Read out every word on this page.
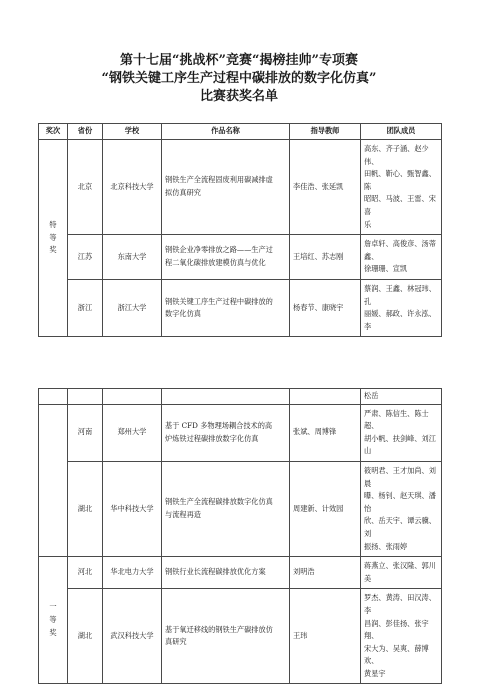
第十七届“挑战杯”竞赛“揭榜挂帅”专项赛
“钢铁关键工序生产过程中碳排放的数字化仿真”
比赛获奖名单
奖次	省份	学校	作品名称	指导教师	团队成员
特
等
奖	北京	北京科技大学	钢铁生产全流程固废利用碳减排虚
拟仿真研究	李佳浩、张延凯	高东、齐子涵、赵少伟、
田帆、靳心、甄智鑫、陈
昭昭、马波、王雷、宋喜
乐

	江苏	东南大学	钢铁企业净零排放之路——生产过
程二氧化碳排放建模仿真与优化	王培红、苏志刚	詹卓轩、高俊彦、汤蒂鑫、
徐珊珊、宣凯

	浙江	浙江大学	钢铁关键工序生产过程中碳排放的
数字化仿真	杨春节、康晓宇	蔡润、王鑫、林冠玮、孔
丽媛、郝政、许永泓、李
					松岳
	河南	郑州大学	基于 CFD 多物理场耦合技术的高
炉炼铁过程碳排放数字化仿真	张斌、周博锋	严肃、陈信生、陈士超、
胡小帆、扶剑峰、刘江山

	湖北	华中科技大学	钢铁生产全流程碳排放数字化仿真
与流程再造	周建新、计效园	筱明君、王才加尚、刘晨
曝、杨钊、赵天琪、潘怡
欣、岳天宇、谭云骥、刘
振扬、张雨婷

一
等
奖	河北	华北电力大学	钢铁行业长流程碳排放优化方案	刘明浩	蒋燕立、张汉隆、郭川美

	湖北	武汉科技大学	基于氧迁移线的钢铁生产碳排放仿
真研究	王玮	罗杰、黄涛、田汉涛、李
昌润、彭佳扬、张宇翔、
宋大为、吴爽、薛博欢、
黄星宇
